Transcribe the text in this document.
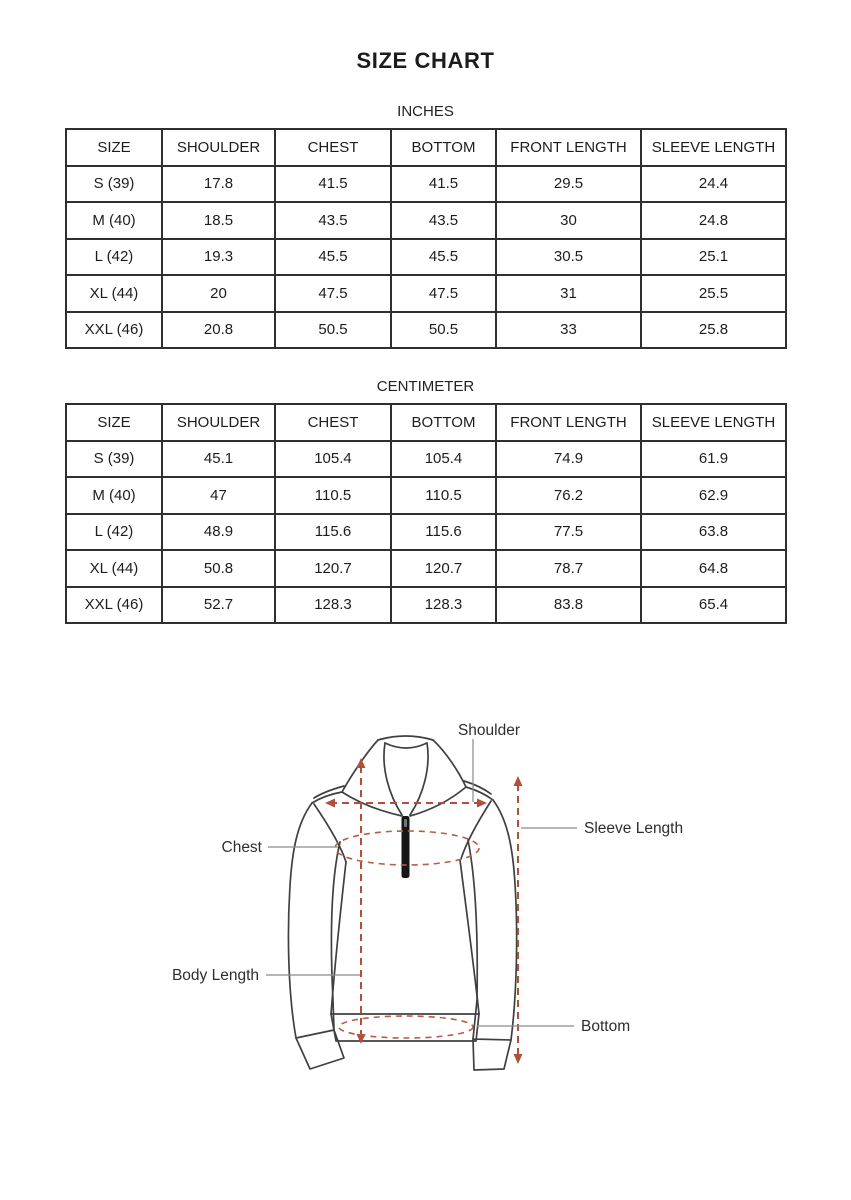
SIZE CHART
INCHES
SIZE	SHOULDER	CHEST	BOTTOM	FRONT LENGTH	SLEEVE LENGTH
S (39)	17.8	41.5	41.5	29.5	24.4
M (40)	18.5	43.5	43.5	30	24.8
L (42)	19.3	45.5	45.5	30.5	25.1
XL (44)	20	47.5	47.5	31	25.5
XXL (46)	20.8	50.5	50.5	33	25.8
CENTIMETER
SIZE	SHOULDER	CHEST	BOTTOM	FRONT LENGTH	SLEEVE LENGTH
S (39)	45.1	105.4	105.4	74.9	61.9
M (40)	47	110.5	110.5	76.2	62.9
L (42)	48.9	115.6	115.6	77.5	63.8
XL (44)	50.8	120.7	120.7	78.7	64.8
XXL (46)	52.7	128.3	128.3	83.8	65.4
Shoulder
Chest
Sleeve Length
Body Length
Bottom
